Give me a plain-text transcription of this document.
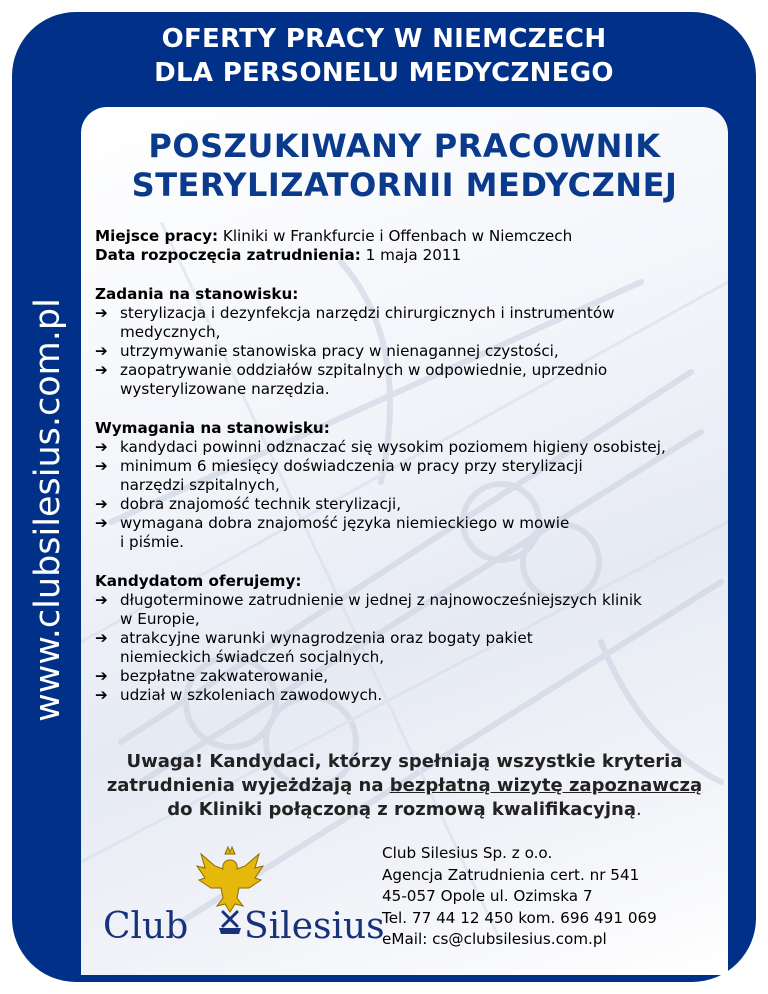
OFERTY PRACY W NIEMCZECH
DLA PERSONELU MEDYCZNEGO
www.clubsilesius.com.pl
POSZUKIWANY PRACOWNIK
STERYLIZATORNII MEDYCZNEJ
Miejsce pracy: Kliniki w Frankfurcie i Offenbach w Niemczech
Data rozpoczęcia zatrudnienia: 1 maja 2011
Zadania na stanowisku:
➔ sterylizacja i dezynfekcja narzędzi chirurgicznych i instrumentów
medycznych,
➔ utrzymywanie stanowiska pracy w nienagannej czystości,
➔ zaopatrywanie oddziałów szpitalnych w odpowiednie, uprzednio
wysterylizowane narzędzia.
Wymagania na stanowisku:
➔ kandydaci powinni odznaczać się wysokim poziomem higieny osobistej,
➔ minimum 6 miesięcy doświadczenia w pracy przy sterylizacji
narzędzi szpitalnych,
➔ dobra znajomość technik sterylizacji,
➔ wymagana dobra znajomość języka niemieckiego w mowie
i piśmie.
Kandydatom oferujemy:
➔ długoterminowe zatrudnienie w jednej z najnowocześniejszych klinik
w Europie,
➔ atrakcyjne warunki wynagrodzenia oraz bogaty pakiet
niemieckich świadczeń socjalnych,
➔ bezpłatne zakwaterowanie,
➔ udział w szkoleniach zawodowych.
Uwaga! Kandydaci, którzy spełniają wszystkie kryteria
zatrudnienia wyjeżdżają na bezpłatną wizytę zapoznawczą
do Kliniki połączoną z rozmową kwalifikacyjną.
Club Silesius
Club Silesius Sp. z o.o.
Agencja Zatrudnienia cert. nr 541
45-057 Opole ul. Ozimska 7
Tel. 77 44 12 450 kom. 696 491 069
eMail: cs@clubsilesius.com.pl
